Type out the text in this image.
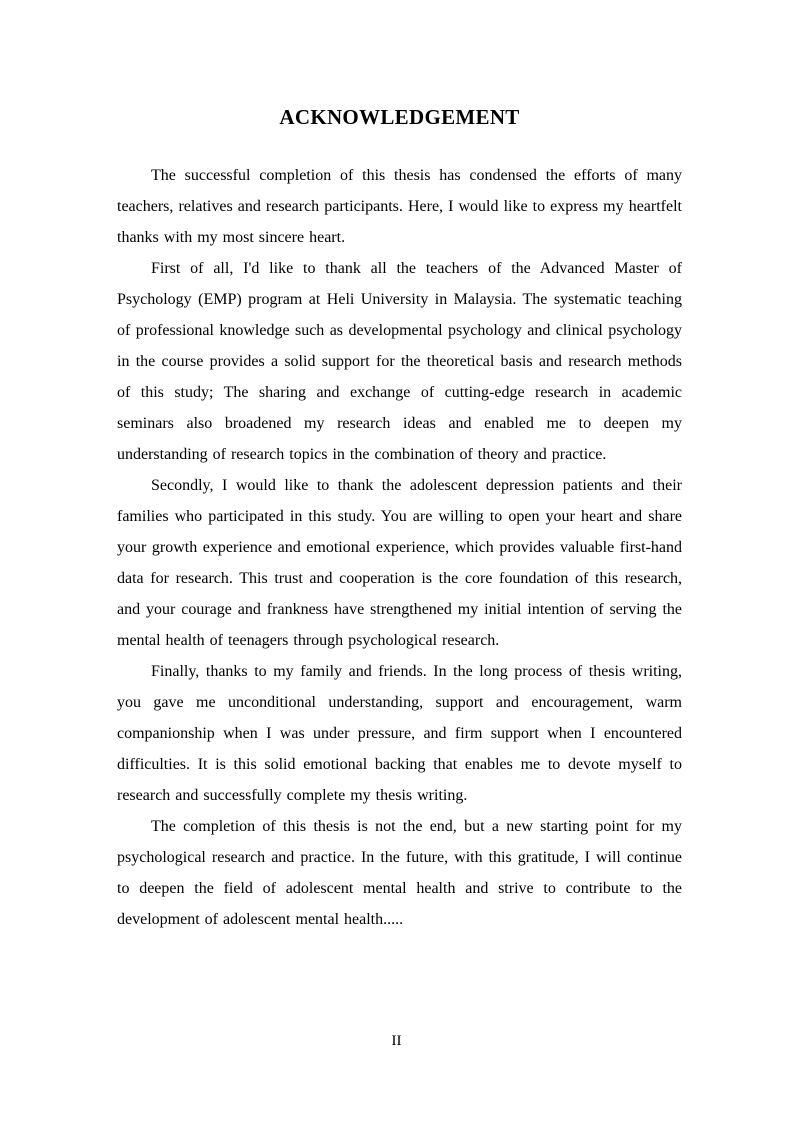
ACKNOWLEDGEMENT

The successful completion of this thesis has condensed the efforts of many teachers, relatives and research participants. Here, I would like to express my heartfelt thanks with my most sincere heart.

First of all, I'd like to thank all the teachers of the Advanced Master of Psychology (EMP) program at Heli University in Malaysia. The systematic teaching of professional knowledge such as developmental psychology and clinical psychology in the course provides a solid support for the theoretical basis and research methods of this study; The sharing and exchange of cutting-edge research in academic seminars also broadened my research ideas and enabled me to deepen my understanding of research topics in the combination of theory and practice.

Secondly, I would like to thank the adolescent depression patients and their families who participated in this study. You are willing to open your heart and share your growth experience and emotional experience, which provides valuable first-hand data for research. This trust and cooperation is the core foundation of this research, and your courage and frankness have strengthened my initial intention of serving the mental health of teenagers through psychological research.

Finally, thanks to my family and friends. In the long process of thesis writing, you gave me unconditional understanding, support and encouragement, warm companionship when I was under pressure, and firm support when I encountered difficulties. It is this solid emotional backing that enables me to devote myself to research and successfully complete my thesis writing.

The completion of this thesis is not the end, but a new starting point for my psychological research and practice. In the future, with this gratitude, I will continue to deepen the field of adolescent mental health and strive to contribute to the development of adolescent mental health.....

II
